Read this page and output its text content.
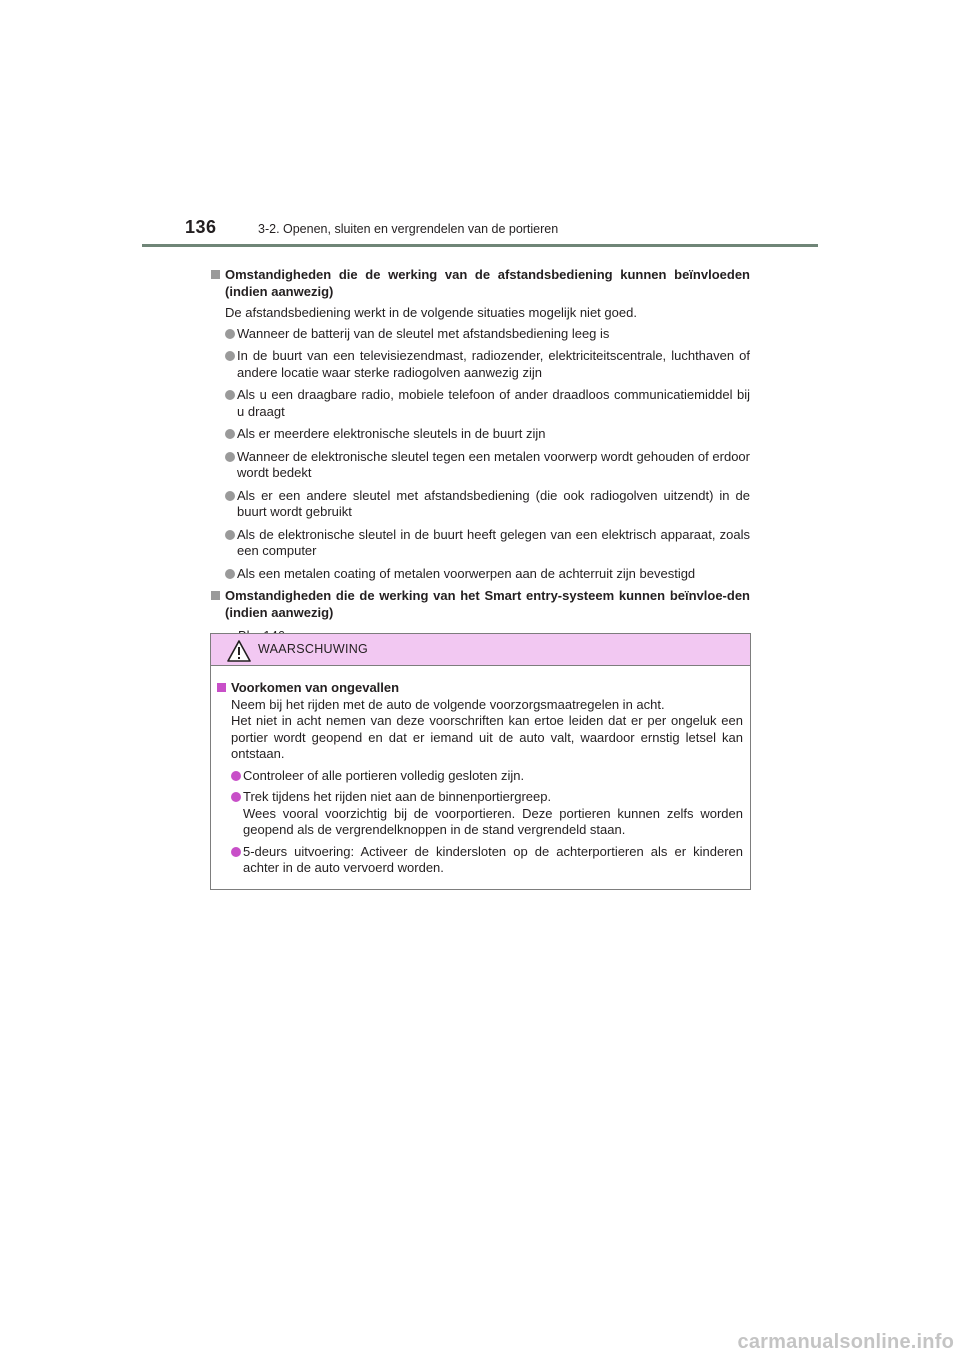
136	3-2. Openen, sluiten en vergrendelen van de portieren
Omstandigheden die de werking van de afstandsbediening kunnen beïnvloeden (indien aanwezig)
De afstandsbediening werkt in de volgende situaties mogelijk niet goed.
Wanneer de batterij van de sleutel met afstandsbediening leeg is
In de buurt van een televisiezendmast, radiozender, elektriciteitscentrale, luchthaven of andere locatie waar sterke radiogolven aanwezig zijn
Als u een draagbare radio, mobiele telefoon of ander draadloos communicatiemiddel bij u draagt
Als er meerdere elektronische sleutels in de buurt zijn
Wanneer de elektronische sleutel tegen een metalen voorwerp wordt gehouden of erdoor wordt bedekt
Als er een andere sleutel met afstandsbediening (die ook radiogolven uitzendt) in de buurt wordt gebruikt
Als de elektronische sleutel in de buurt heeft gelegen van een elektrisch apparaat, zoals een computer
Als een metalen coating of metalen voorwerpen aan de achterruit zijn bevestigd
Omstandigheden die de werking van het Smart entry-systeem kunnen beïnvloe-den (indien aanwezig)
WAARSCHUWING
Voorkomen van ongevallen
Neem bij het rijden met de auto de volgende voorzorgsmaatregelen in acht.
Het niet in acht nemen van deze voorschriften kan ertoe leiden dat er per ongeluk een portier wordt geopend en dat er iemand uit de auto valt, waardoor ernstig letsel kan ontstaan.
Controleer of alle portieren volledig gesloten zijn.
Trek tijdens het rijden niet aan de binnenportiergreep.
Wees vooral voorzichtig bij de voorportieren. Deze portieren kunnen zelfs worden geopend als de vergrendelknoppen in de stand vergrendeld staan.
5-deurs uitvoering: Activeer de kindersloten op de achterportieren als er kinderen achter in de auto vervoerd worden.
carmanualsonline.info
